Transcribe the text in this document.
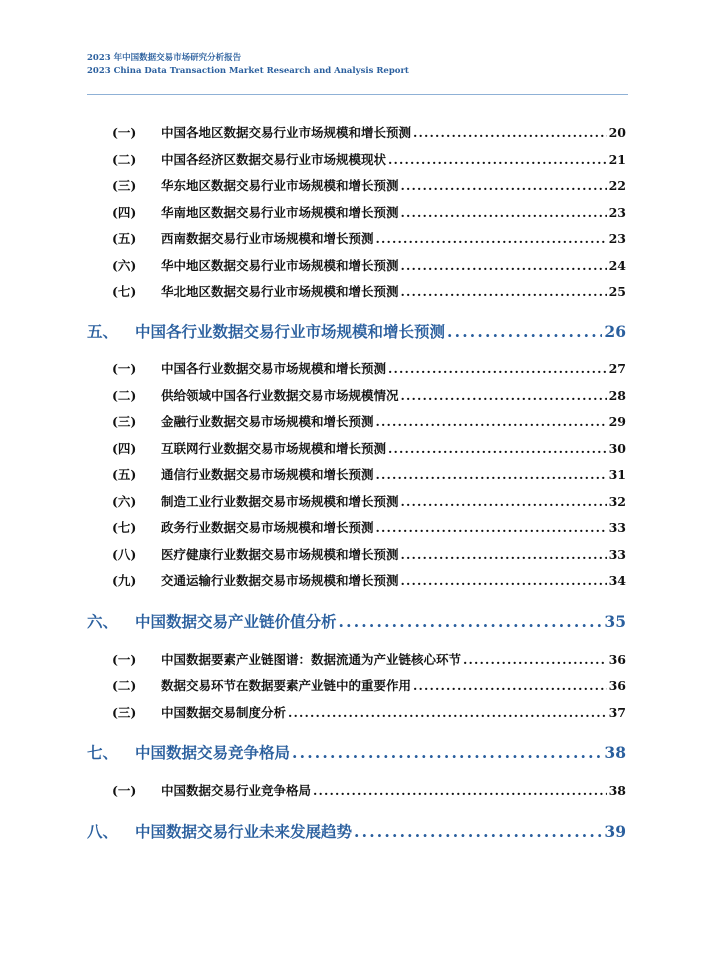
2023 年中国数据交易市场研究分析报告
2023 China Data Transaction Market Research and Analysis Report
(一)	中国各地区数据交易行业市场规模和增长预测 . . .	20
(二)	中国各经济区数据交易行业市场规模现状 . . .	21
(三)	华东地区数据交易行业市场规模和增长预测 . . .	22
(四)	华南地区数据交易行业市场规模和增长预测 . . .	23
(五)	西南数据交易行业市场规模和增长预测 . . .	23
(六)	华中地区数据交易行业市场规模和增长预测 . . .	24
(七)	华北地区数据交易行业市场规模和增长预测 . . .	25
五、	中国各行业数据交易行业市场规模和增长预测 . . .	26
(一)	中国各行业数据交易市场规模和增长预测 . . .	27
(二)	供给领域中国各行业数据交易市场规模情况 . . .	28
(三)	金融行业数据交易市场规模和增长预测 . . .	29
(四)	互联网行业数据交易市场规模和增长预测 . . .	30
(五)	通信行业数据交易市场规模和增长预测 . . .	31
(六)	制造工业行业数据交易市场规模和增长预测 . . .	32
(七)	政务行业数据交易市场规模和增长预测 . . .	33
(八)	医疗健康行业数据交易市场规模和增长预测 . . .	33
(九)	交通运输行业数据交易市场规模和增长预测 . . .	34
六、	中国数据交易产业链价值分析 . . .	35
(一)	中国数据要素产业链图谱：数据流通为产业链核心环节 . . .	36
(二)	数据交易环节在数据要素产业链中的重要作用 . . .	36
(三)	中国数据交易制度分析 . . .	37
七、	中国数据交易竞争格局 . . .	38
(一)	中国数据交易行业竞争格局 . . .	38
八、	中国数据交易行业未来发展趋势 . . .	39
